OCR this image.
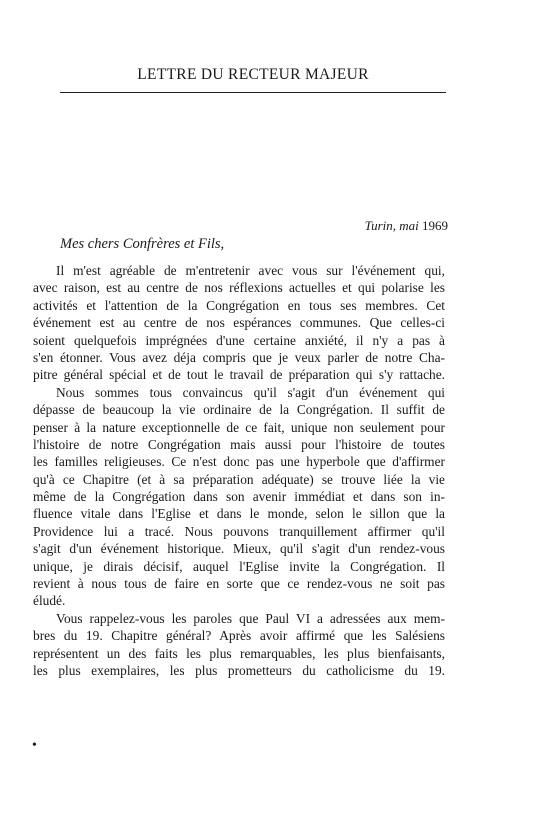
LETTRE DU RECTEUR MAJEUR
Turin, mai 1969
Mes chers Confrères et Fils,
Il m'est agréable de m'entretenir avec vous sur l'événement qui,
avec raison, est au centre de nos réflexions actuelles et qui polarise les
activités et l'attention de la Congrégation en tous ses membres. Cet
événement est au centre de nos espérances communes. Que celles-ci
soient quelquefois imprégnées d'une certaine anxiété, il n'y a pas à
s'en étonner. Vous avez déja compris que je veux parler de notre Cha-
pitre général spécial et de tout le travail de préparation qui s'y rattache.
Nous sommes tous convaincus qu'il s'agit d'un événement qui
dépasse de beaucoup la vie ordinaire de la Congrégation. Il suffit de
penser à la nature exceptionnelle de ce fait, unique non seulement pour
l'histoire de notre Congrégation mais aussi pour l'histoire de toutes
les familles religieuses. Ce n'est donc pas une hyperbole que d'affirmer
qu'à ce Chapitre (et à sa préparation adéquate) se trouve liée la vie
même de la Congrégation dans son avenir immédiat et dans son in-
fluence vitale dans l'Eglise et dans le monde, selon le sillon que la
Providence lui a tracé. Nous pouvons tranquillement affirmer qu'il
s'agit d'un événement historique. Mieux, qu'il s'agit d'un rendez-vous
unique, je dirais décisif, auquel l'Eglise invite la Congrégation. Il
revient à nous tous de faire en sorte que ce rendez-vous ne soit pas
éludé.
Vous rappelez-vous les paroles que Paul VI a adressées aux mem-
bres du 19. Chapitre général? Après avoir affirmé que les Salésiens
représentent un des faits les plus remarquables, les plus bienfaisants,
les plus exemplaires, les plus prometteurs du catholicisme du 19.
•
